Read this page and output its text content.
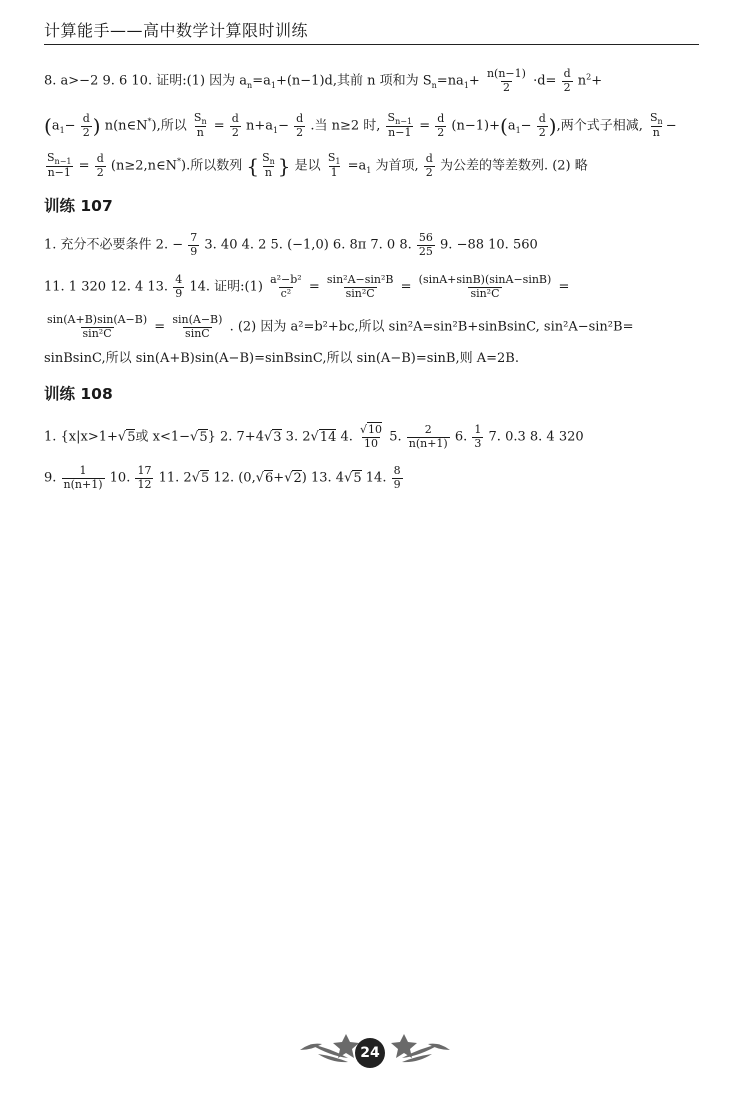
计算能手——高中数学计算限时训练
8. a>−2 9. 6 10. 证明:(1) 因为 $a_n=a_1+(n-1)d$,其前 n 项和为 $S_n=na_1+ \frac{n(n-1)}{2} \cdot d= \frac{d}{2} n^2+$
($a_1- \frac{d}{2}$ ) n(n∈N*),所以 $\frac{S_n}{n} = \frac{d}{2} n+a_1- \frac{d}{2}$ .当 n≥2 时, $\frac{S_{n-1}}{n-1} = \frac{d}{2} (n-1)+(a_1- \frac{d}{2}$ ),两个式子相减, $\frac{S_n}{n}$ −
$\frac{S_{n-1}}{n-1} = \frac{d}{2}$ (n≥2,n∈N*).所以数列 { $\frac{S_n}{n}$ } 是以 $\frac{S_1}{1} =a_1$ 为首项, $\frac{d}{2}$ 为公差的等差数列. (2) 略
训练 107
1. 充分不必要条件 2. − $\frac{7}{9} 3$. 40 4. 2 5. (−1,0) 6. 8π 7. 0 8. $\frac{56}{25} 9$. −88 10. 560
11. 1 320 12. 4 13. $\frac{4}{9} 14$. 证明:(1) $\frac{\text{a²−b²}}{\text{c²}} = \frac{\text{sin²A−sin²B}}{\text{sin²C}} = \frac{(\sin A+\sin B)(\sin A-\sin B)}{\text{sin²C}}$ =
$\frac{\sin(A+B)\sin(A-B)}{\text{sin²C}} = \frac{\sin(A-B)}{\sin C}$ . (2) 因为 a²=b²+bc,所以 sin²A=sin²B+sinBsinC, sin²A−sin²B=
sinBsinC,所以 sin(A+B)sin(A−B)=sinBsinC,所以 sin(A−B)=sinB,则 A=2B.
训练 108
1. {x|x>1+√5或 x<1−√5} 2. 7+4√3 3. 2√14 4. $\frac{√10}{10} 5$. $\frac{2}{n(n+1)} 6$. $\frac{1}{3} 7$. 0.3 8. 4 320
9. $\frac{1}{n(n+1)} 10$. $\frac{17}{12} 11$. 2√5 12. (0,√6+√2) 13. 4√5 14. $\frac{8}{9}$
24
